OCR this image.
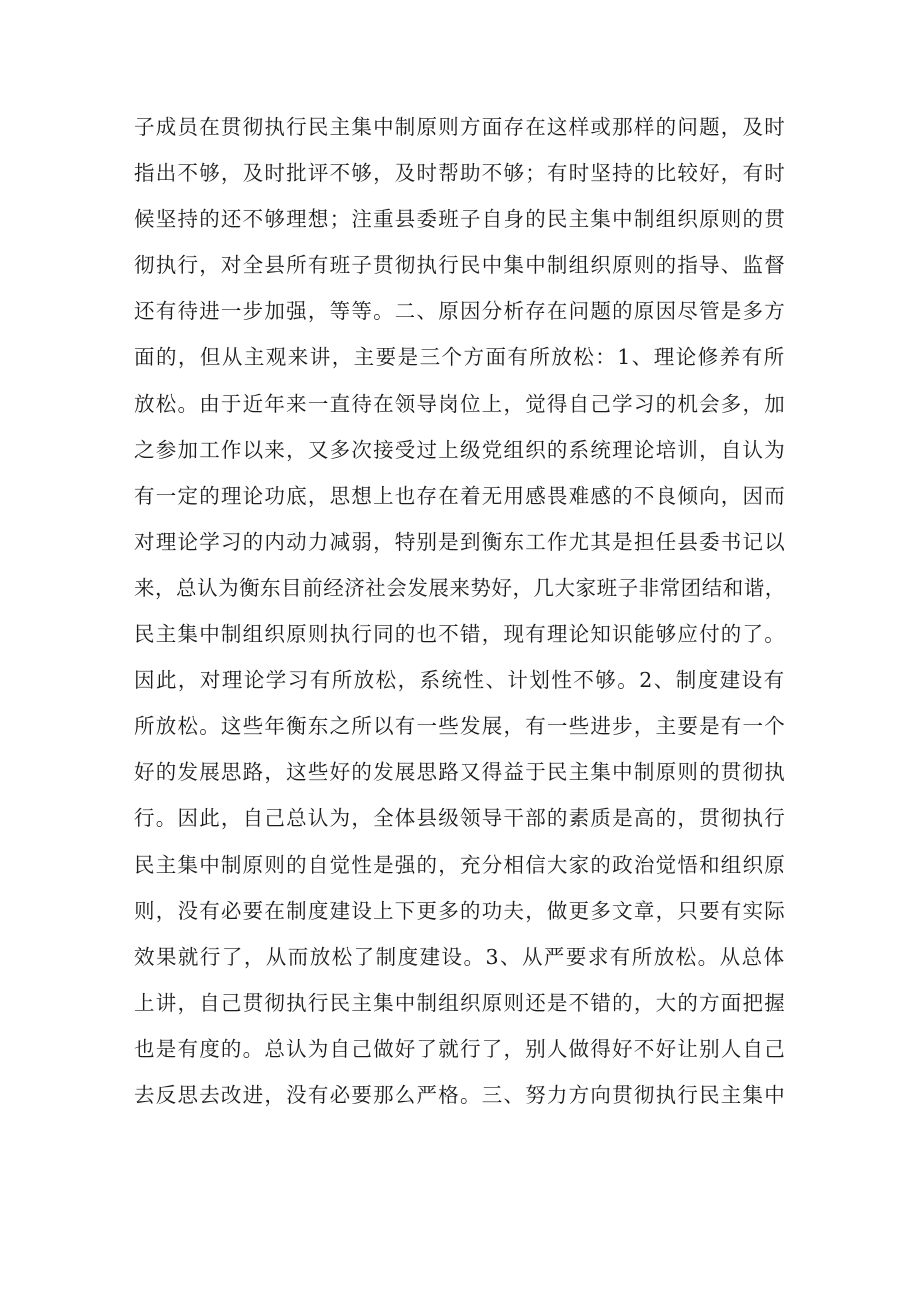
子成员在贯彻执行民主集中制原则方面存在这样或那样的问题，及时
指出不够，及时批评不够，及时帮助不够；有时坚持的比较好，有时
候坚持的还不够理想；注重县委班子自身的民主集中制组织原则的贯
彻执行，对全县所有班子贯彻执行民中集中制组织原则的指导、监督
还有待进一步加强，等等。二、原因分析存在问题的原因尽管是多方
面的，但从主观来讲，主要是三个方面有所放松：1、理论修养有所
放松。由于近年来一直待在领导岗位上，觉得自己学习的机会多，加
之参加工作以来，又多次接受过上级党组织的系统理论培训，自认为
有一定的理论功底，思想上也存在着无用感畏难感的不良倾向，因而
对理论学习的内动力减弱，特别是到衡东工作尤其是担任县委书记以
来，总认为衡东目前经济社会发展来势好，几大家班子非常团结和谐，
民主集中制组织原则执行同的也不错，现有理论知识能够应付的了。
因此，对理论学习有所放松，系统性、计划性不够。2、制度建设有
所放松。这些年衡东之所以有一些发展，有一些进步，主要是有一个
好的发展思路，这些好的发展思路又得益于民主集中制原则的贯彻执
行。因此，自己总认为，全体县级领导干部的素质是高的，贯彻执行
民主集中制原则的自觉性是强的，充分相信大家的政治觉悟和组织原
则，没有必要在制度建设上下更多的功夫，做更多文章，只要有实际
效果就行了，从而放松了制度建设。3、从严要求有所放松。从总体
上讲，自己贯彻执行民主集中制组织原则还是不错的，大的方面把握
也是有度的。总认为自己做好了就行了，别人做得好不好让别人自己
去反思去改进，没有必要那么严格。三、努力方向贯彻执行民主集中
